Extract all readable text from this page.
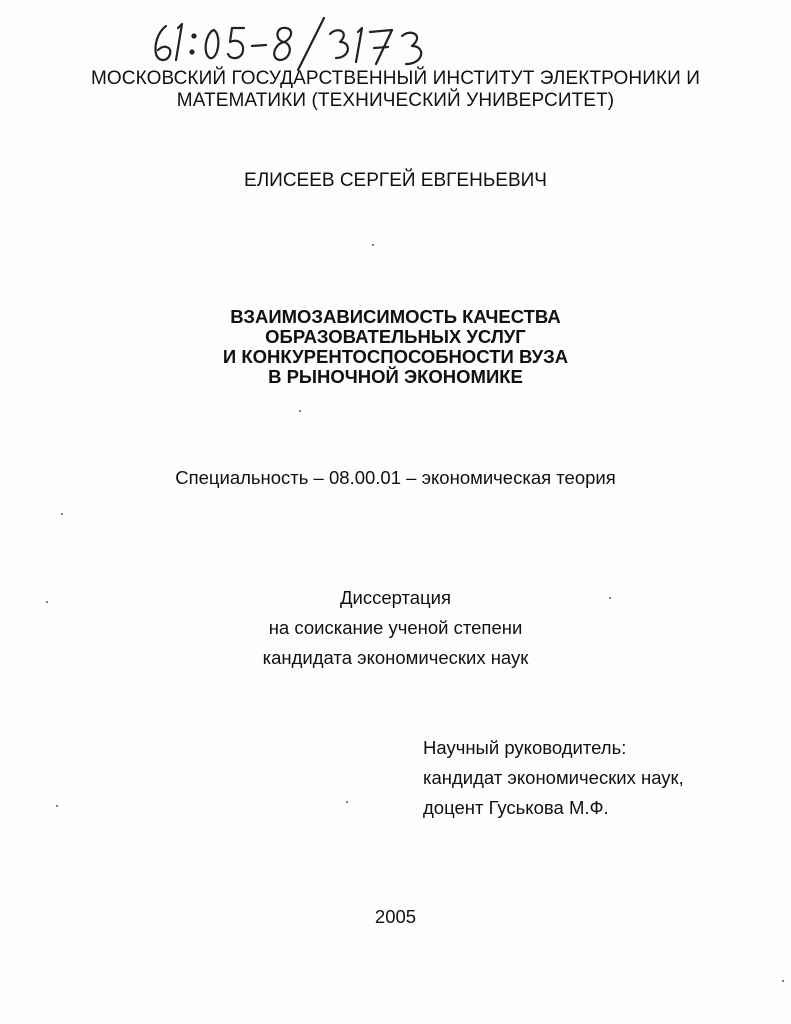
МОСКОВСКИЙ ГОСУДАРСТВЕННЫЙ ИНСТИТУТ ЭЛЕКТРОНИКИ И
МАТЕМАТИКИ (ТЕХНИЧЕСКИЙ УНИВЕРСИТЕТ)
ЕЛИСЕЕВ СЕРГЕЙ ЕВГЕНЬЕВИЧ
ВЗАИМОЗАВИСИМОСТЬ КАЧЕСТВА
ОБРАЗОВАТЕЛЬНЫХ УСЛУГ
И КОНКУРЕНТОСПОСОБНОСТИ ВУЗА
В РЫНОЧНОЙ ЭКОНОМИКЕ
Специальность – 08.00.01 – экономическая теория
Диссертация
на соискание ученой степени
кандидата экономических наук
Научный руководитель:
кандидат экономических наук,
доцент Гуськова М.Ф.
2005
